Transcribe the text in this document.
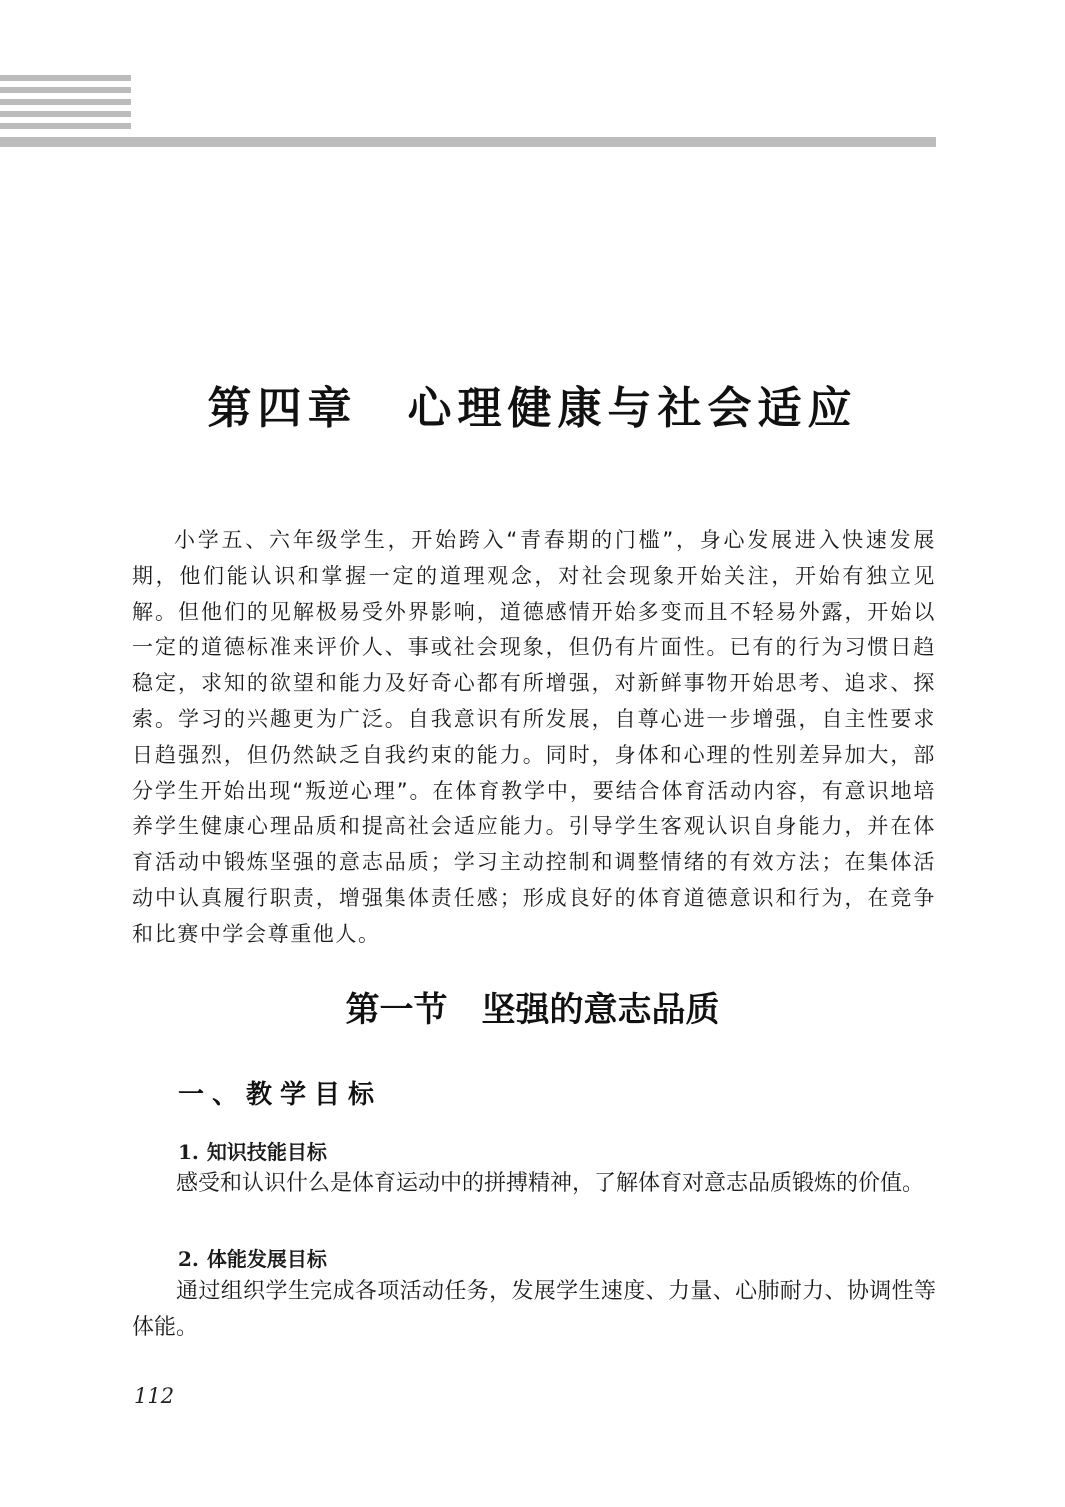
第四章　心理健康与社会适应

小学五、六年级学生，开始跨入“青春期的门槛”，身心发展进入快速发展期，他们能认识和掌握一定的道理观念，对社会现象开始关注，开始有独立见解。但他们的见解极易受外界影响，道德感情开始多变而且不轻易外露，开始以一定的道德标准来评价人、事或社会现象，但仍有片面性。已有的行为习惯日趋稳定，求知的欲望和能力及好奇心都有所增强，对新鲜事物开始思考、追求、探索。学习的兴趣更为广泛。自我意识有所发展，自尊心进一步增强，自主性要求日趋强烈，但仍然缺乏自我约束的能力。同时，身体和心理的性别差异加大，部分学生开始出现“叛逆心理”。在体育教学中，要结合体育活动内容，有意识地培养学生健康心理品质和提高社会适应能力。引导学生客观认识自身能力，并在体育活动中锻炼坚强的意志品质；学习主动控制和调整情绪的有效方法；在集体活动中认真履行职责，增强集体责任感；形成良好的体育道德意识和行为，在竞争和比赛中学会尊重他人。

第一节　坚强的意志品质
一、教学目标
1. 知识技能目标

感受和认识什么是体育运动中的拼搏精神，了解体育对意志品质锻炼的价值。

2. 体能发展目标

通过组织学生完成各项活动任务，发展学生速度、力量、心肺耐力、协调性等体能。

112
